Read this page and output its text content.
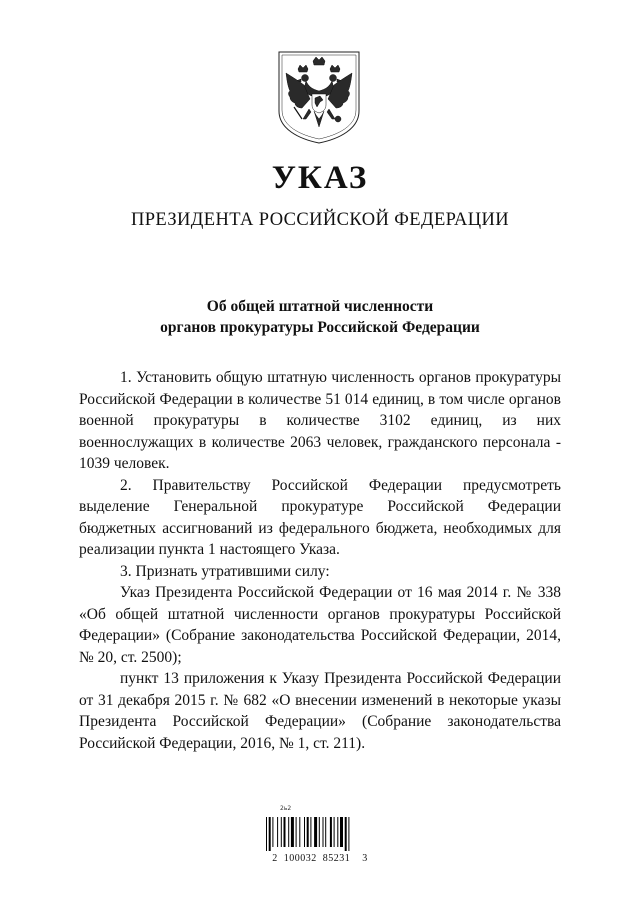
УКАЗ
ПРЕЗИДЕНТА РОССИЙСКОЙ ФЕДЕРАЦИИ
Об общей штатной численности
органов прокуратуры Российской Федерации

1. Установить общую штатную численность органов прокуратуры Российской Федерации в количестве 51 014 единиц, в том числе органов военной прокуратуры в количестве 3102 единиц, из них военнослужащих в количестве 2063 человек, гражданского персонала - 1039 человек.

2. Правительству Российской Федерации предусмотреть выделение Генеральной прокуратуре Российской Федерации бюджетных ассигнований из федерального бюджета, необходимых для реализации пункта 1 настоящего Указа.

3. Признать утратившими силу:

Указ Президента Российской Федерации от 16 мая 2014 г. № 338 «Об общей штатной численности органов прокуратуры Российской Федерации» (Собрание законодательства Российской Федерации, 2014, № 20, ст. 2500);

пункт 13 приложения к Указу Президента Российской Федерации от 31 декабря 2015 г. № 682 «О внесении изменений в некоторые указы Президента Российской Федерации» (Собрание законодательства Российской Федерации, 2016, № 1, ст. 211).

2ь2
2  100032  85231    3
